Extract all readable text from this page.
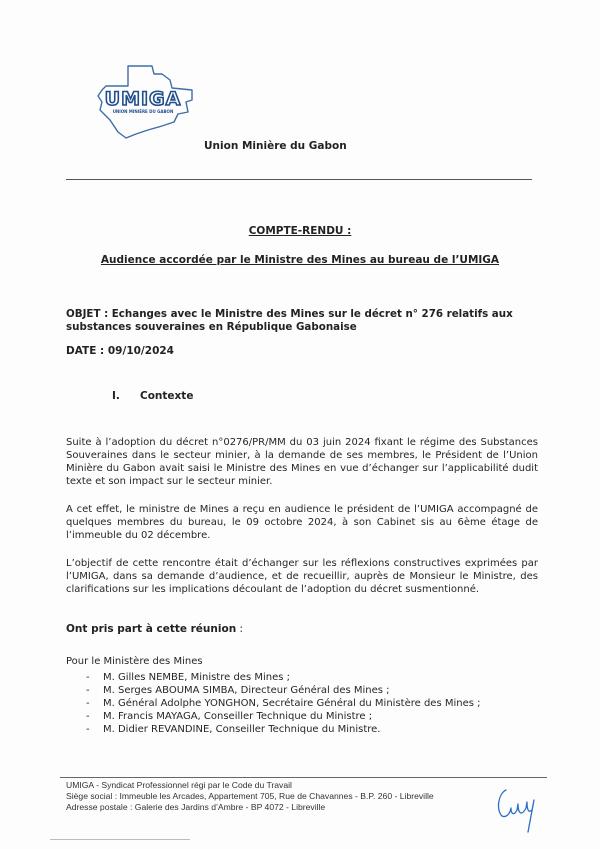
UMIGA
UNION MINIÈRE DU GABON
Union Minière du Gabon
COMPTE-RENDU :
Audience accordée par le Ministre des Mines au bureau de l’UMIGA
OBJET : Echanges avec le Ministre des Mines sur le décret n° 276 relatifs aux substances souveraines en République Gabonaise
DATE : 09/10/2024
I. Contexte

Suite à l’adoption du décret n°0276/PR/MM du 03 juin 2024 fixant le régime des Substances Souveraines dans le secteur minier, à la demande de ses membres, le Président de l’Union Minière du Gabon avait saisi le Ministre des Mines en vue d’échanger sur l’applicabilité dudit texte et son impact sur le secteur minier.

A cet effet, le ministre de Mines a reçu en audience le président de l’UMIGA accompagné de quelques membres du bureau, le 09 octobre 2024, à son Cabinet sis au 6ème étage de l’immeuble du 02 décembre.

L’objectif de cette rencontre était d’échanger sur les réflexions constructives exprimées par l’UMIGA, dans sa demande d’audience, et de recueillir, auprès de Monsieur le Ministre, des clarifications sur les implications découlant de l’adoption du décret susmentionné.

Ont pris part à cette réunion :
Pour le Ministère des Mines
-	M. Gilles NEMBE, Ministre des Mines ;
-	M. Serges ABOUMA SIMBA, Directeur Général des Mines ;
-	M. Général Adolphe YONGHON, Secrétaire Général du Ministère des Mines ;
-	M. Francis MAYAGA, Conseiller Technique du Ministre ;
-	M. Didier REVANDINE, Conseiller Technique du Ministre.
UMIGA - Syndicat Professionnel régi par le Code du Travail
Siège social : Immeuble les Arcades, Appartement 705, Rue de Chavannes - B.P. 260 - Libreville
Adresse postale : Galerie des Jardins d’Ambre - BP 4072 - Libreville
